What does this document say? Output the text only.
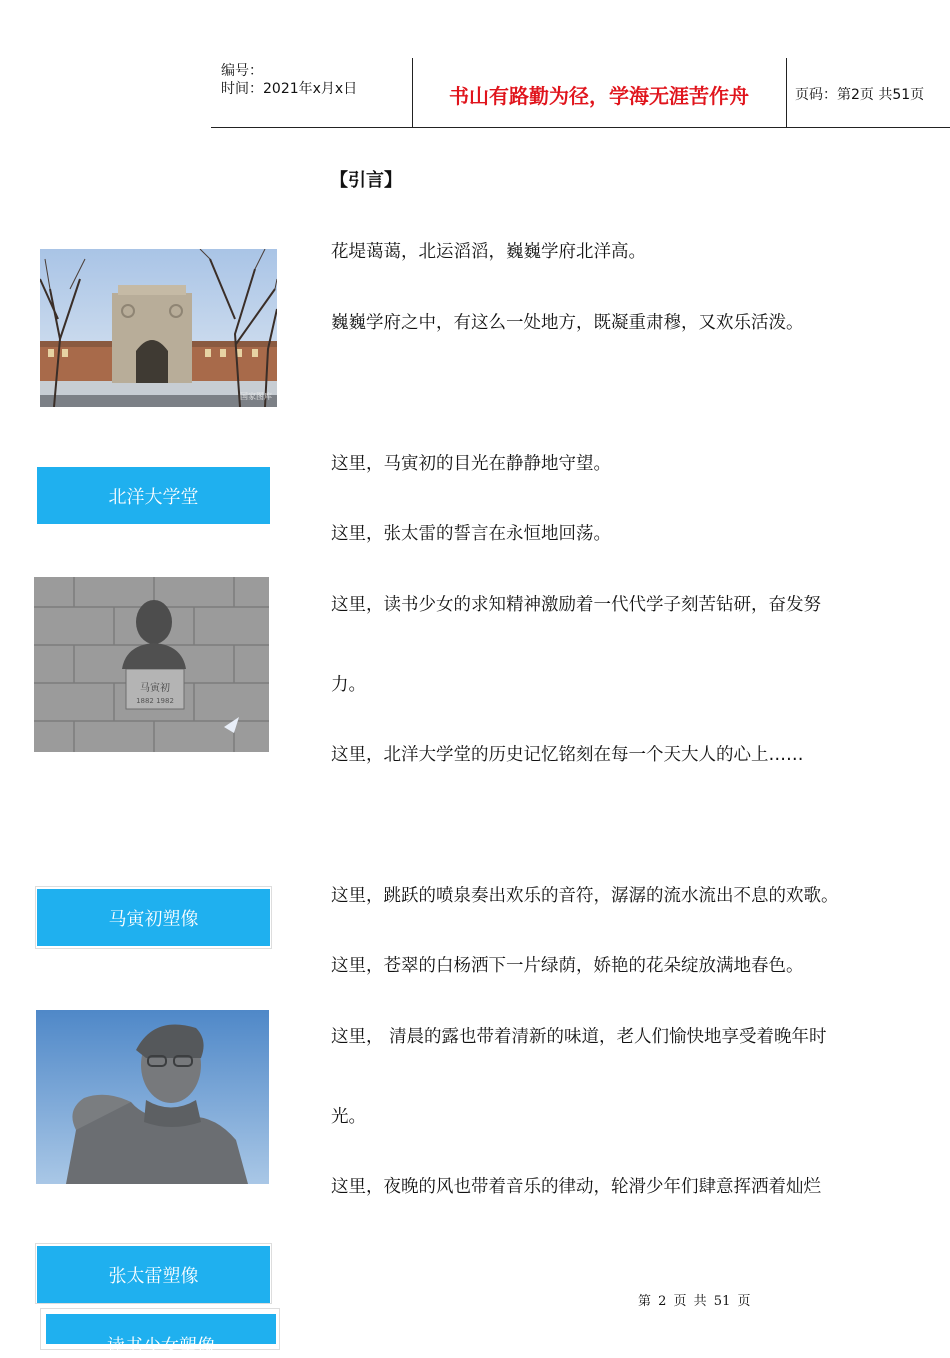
编号：
时间：2021年x月x日	书山有路勤为径，学海无涯苦作舟	页码：第2页 共51页
【引言】
花堤蔼蔼，北运滔滔，巍巍学府北洋高。
巍巍学府之中，有这么一处地方，既凝重肃穆，又欢乐活泼。
这里，马寅初的目光在静静地守望。
这里，张太雷的誓言在永恒地回荡。
这里，读书少女的求知精神激励着一代代学子刻苦钻研，奋发努
力。
这里，北洋大学堂的历史记忆铭刻在每一个天大人的心上……
这里，跳跃的喷泉奏出欢乐的音符，潺潺的流水流出不息的欢歌。
这里，苍翠的白杨洒下一片绿荫，娇艳的花朵绽放满地春色。
这里， 清晨的露也带着清新的味道，老人们愉快地享受着晚年时
光。
这里，夜晚的风也带着音乐的律动，轮滑少年们肆意挥洒着灿烂
国家图库
北洋大学堂
马寅初
1882 1982
马寅初塑像
张太雷塑像
读书少女塑像
第 2 页 共 51 页
